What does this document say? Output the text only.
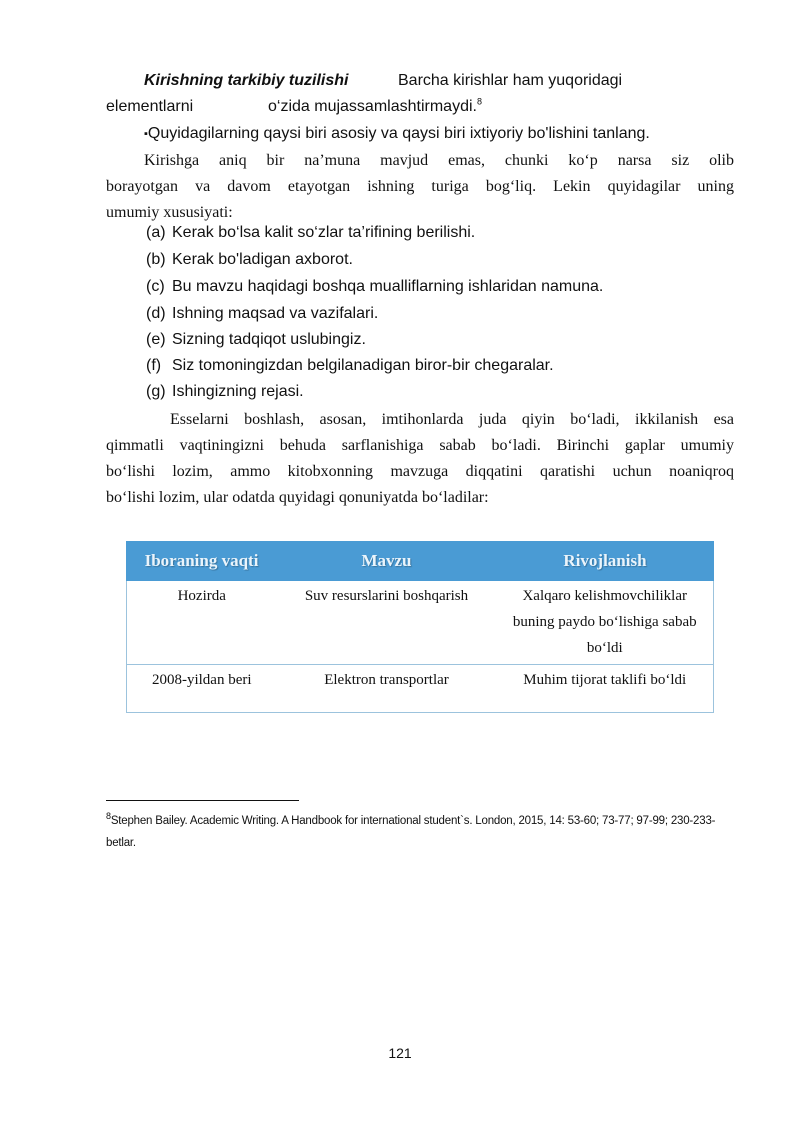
Kirishning tarkibiy tuzilishi	Barcha kirishlar ham yuqoridagi
elementlarni	o‘zida mujassamlashtirmaydi.$^8$
▪Quyidagilarning qaysi biri asosiy va qaysi biri ixtiyoriy bo'lishini tanlang.
Kirishga aniq bir na’muna mavjud emas, chunki ko‘p narsa siz olib
borayotgan va davom etayotgan ishning turiga bog‘liq. Lekin quyidagilar uning
umumiy xususiyati:
(a) Kerak bo‘lsa kalit so‘zlar ta’rifining berilishi.
(b) Kerak bo'ladigan axborot.
(c) Bu mavzu haqidagi boshqa mualliflarning ishlaridan namuna.
(d) Ishning maqsad va vazifalari.
(e) Sizning tadqiqot uslubingiz.
(f) Siz tomoningizdan belgilanadigan biror-bir chegaralar.
(g) Ishingizning rejasi.
Esselarni boshlash, asosan, imtihonlarda juda qiyin bo‘ladi, ikkilanish esa
qimmatli vaqtiningizni behuda sarflanishiga sabab bo‘ladi. Birinchi gaplar umumiy
bo‘lishi lozim, ammo kitobxonning mavzuga diqqatini qaratishi uchun noaniqroq
bo‘lishi lozim, ular odatda quyidagi qonuniyatda bo‘ladilar:
Iboraning vaqti	Mavzu	Rivojlanish
Hozirda	Suv resurslarini boshqarish	Xalqaro kelishmovchiliklar buning paydo bo‘lishiga sabab bo‘ldi
2008-yildan beri	Elektron transportlar	Muhim tijorat taklifi bo‘ldi
$^8$Stephen Bailey. Academic Writing. A Handbook for international student`s. London, 2015, 14: 53-60; 73-77; 97-99; 230-233-betlar.
121
